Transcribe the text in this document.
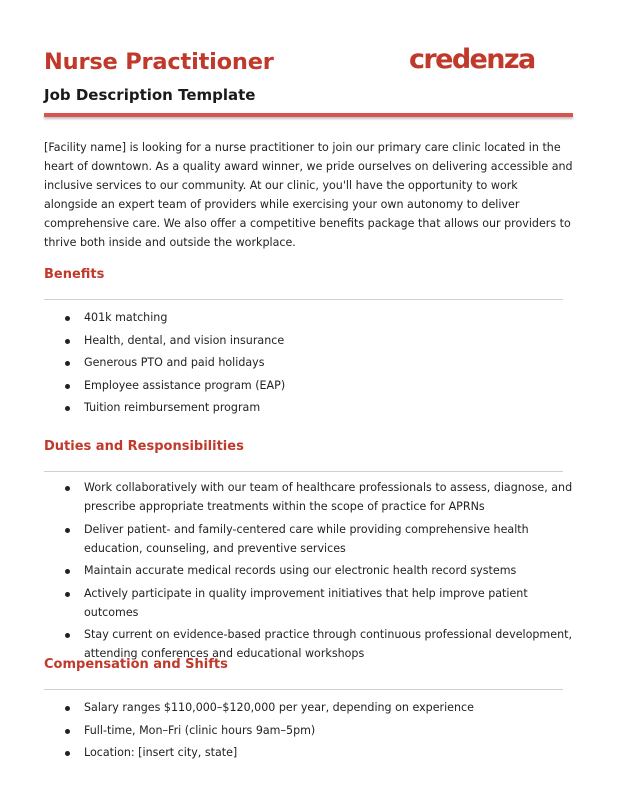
Nurse Practitioner
Job Description Template
credenza

[Facility name] is looking for a nurse practitioner to join our primary care clinic located in the heart of downtown. As a quality award winner, we pride ourselves on delivering accessible and inclusive services to our community. At our clinic, you'll have the opportunity to work alongside an expert team of providers while exercising your own autonomy to deliver comprehensive care. We also offer a competitive benefits package that allows our providers to thrive both inside and outside the workplace.

Benefits
401k matching
Health, dental, and vision insurance
Generous PTO and paid holidays
Employee assistance program (EAP)
Tuition reimbursement program
Duties and Responsibilities
Work collaboratively with our team of healthcare professionals to assess, diagnose, and prescribe appropriate treatments within the scope of practice for APRNs
Deliver patient- and family-centered care while providing comprehensive health education, counseling, and preventive services
Maintain accurate medical records using our electronic health record systems
Actively participate in quality improvement initiatives that help improve patient outcomes
Stay current on evidence-based practice through continuous professional development, attending conferences and educational workshops
Compensation and Shifts
Salary ranges $110,000–$120,000 per year, depending on experience
Full-time, Mon–Fri (clinic hours 9am–5pm)
Location: [insert city, state]
